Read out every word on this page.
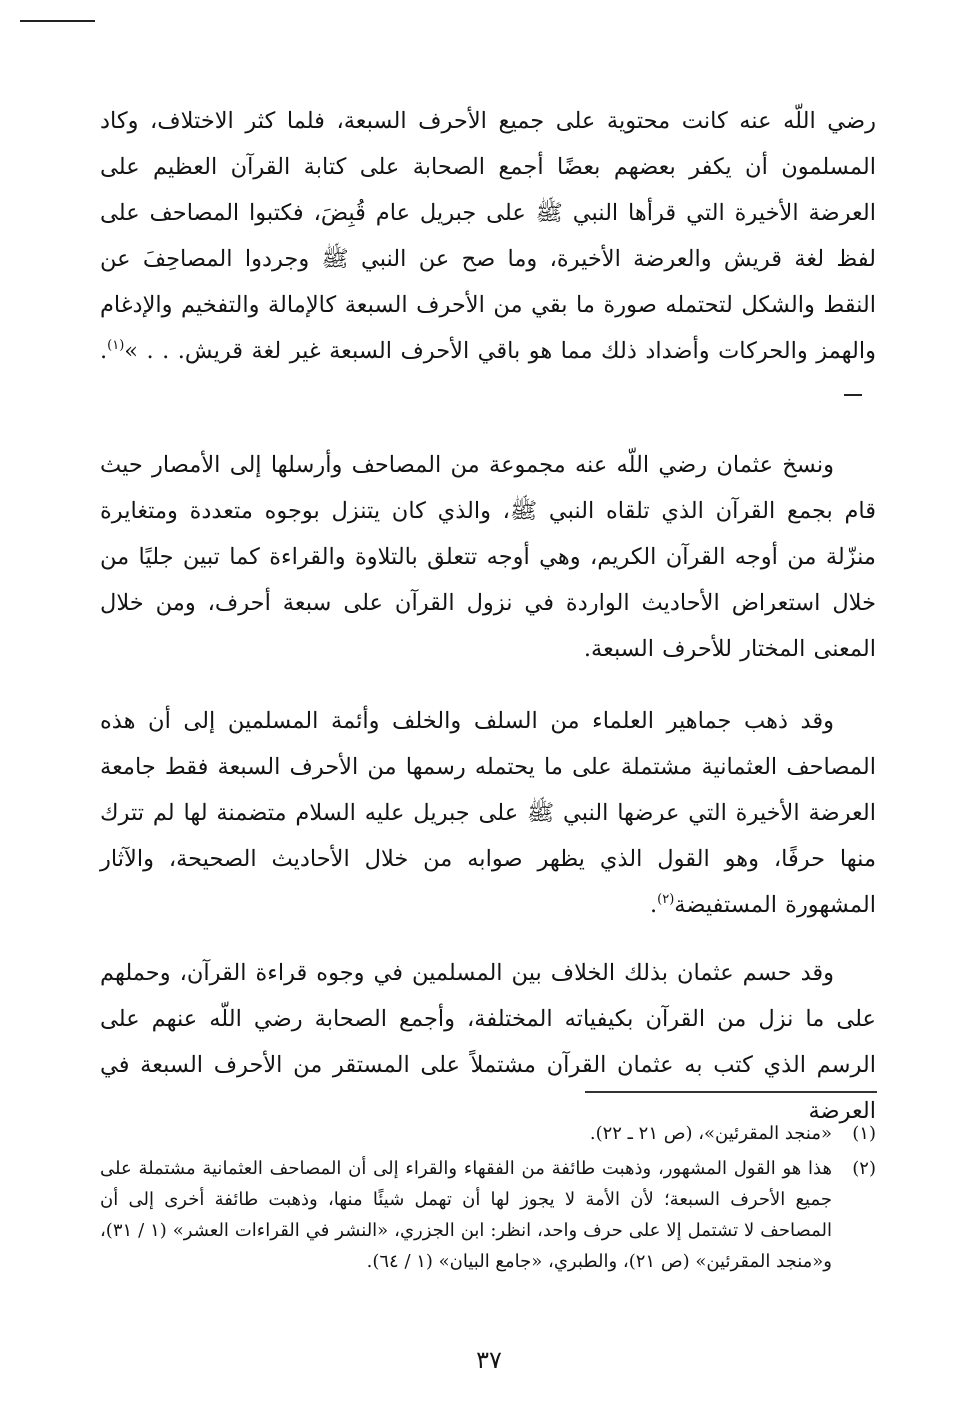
رضي اللّه عنه كانت محتوية على جميع الأحرف السبعة، فلما كثر الاختلاف، وكاد المسلمون أن يكفر بعضهم بعضًا أجمع الصحابة على كتابة القرآن العظيم على العرضة الأخيرة التي قرأها النبي ﷺ على جبريل عام قُبِضَ، فكتبوا المصاحف على لفظ لغة قريش والعرضة الأخيرة، وما صح عن النبي ﷺ وجردوا المصاحِفَ عن النقط والشكل لتحتمله صورة ما بقي من الأحرف السبعة كالإمالة والتفخيم والإدغام والهمز والحركات وأضداد ذلك مما هو باقي الأحرف السبعة غير لغة قريش. . . »$^{(١)}$.

ونسخ عثمان رضي اللّه عنه مجموعة من المصاحف وأرسلها إلى الأمصار حيث قام بجمع القرآن الذي تلقاه النبي ﷺ، والذي كان يتنزل بوجوه متعددة ومتغايرة منزّلة من أوجه القرآن الكريم، وهي أوجه تتعلق بالتلاوة والقراءة كما تبين جليًا من خلال استعراض الأحاديث الواردة في نزول القرآن على سبعة أحرف، ومن خلال المعنى المختار للأحرف السبعة.

وقد ذهب جماهير العلماء من السلف والخلف وأئمة المسلمين إلى أن هذه المصاحف العثمانية مشتملة على ما يحتمله رسمها من الأحرف السبعة فقط جامعة العرضة الأخيرة التي عرضها النبي ﷺ على جبريل عليه السلام متضمنة لها لم تترك منها حرفًا، وهو القول الذي يظهر صوابه من خلال الأحاديث الصحيحة، والآثار المشهورة المستفيضة$^{(٢)}$.

وقد حسم عثمان بذلك الخلاف بين المسلمين في وجوه قراءة القرآن، وحملهم على ما نزل من القرآن بكيفياته المختلفة، وأجمع الصحابة رضي اللّه عنهم على الرسم الذي كتب به عثمان القرآن مشتملاً على المستقر من الأحرف السبعة في العرضة

(١)
«منجد المقرئين»، (ص ٢١ ـ ٢٢).
(٢)
هذا هو القول المشهور، وذهبت طائفة من الفقهاء والقراء إلى أن المصاحف العثمانية مشتملة على جميع الأحرف السبعة؛ لأن الأمة لا يجوز لها أن تهمل شيئًا منها، وذهبت طائفة أخرى إلى أن المصاحف لا تشتمل إلا على حرف واحد، انظر: ابن الجزري، «النشر في القراءات العشر» (١ / ٣١)، و«منجد المقرئين» (ص ٢١)، والطبري، «جامع البيان» (١ / ٦٤).
٣٧
